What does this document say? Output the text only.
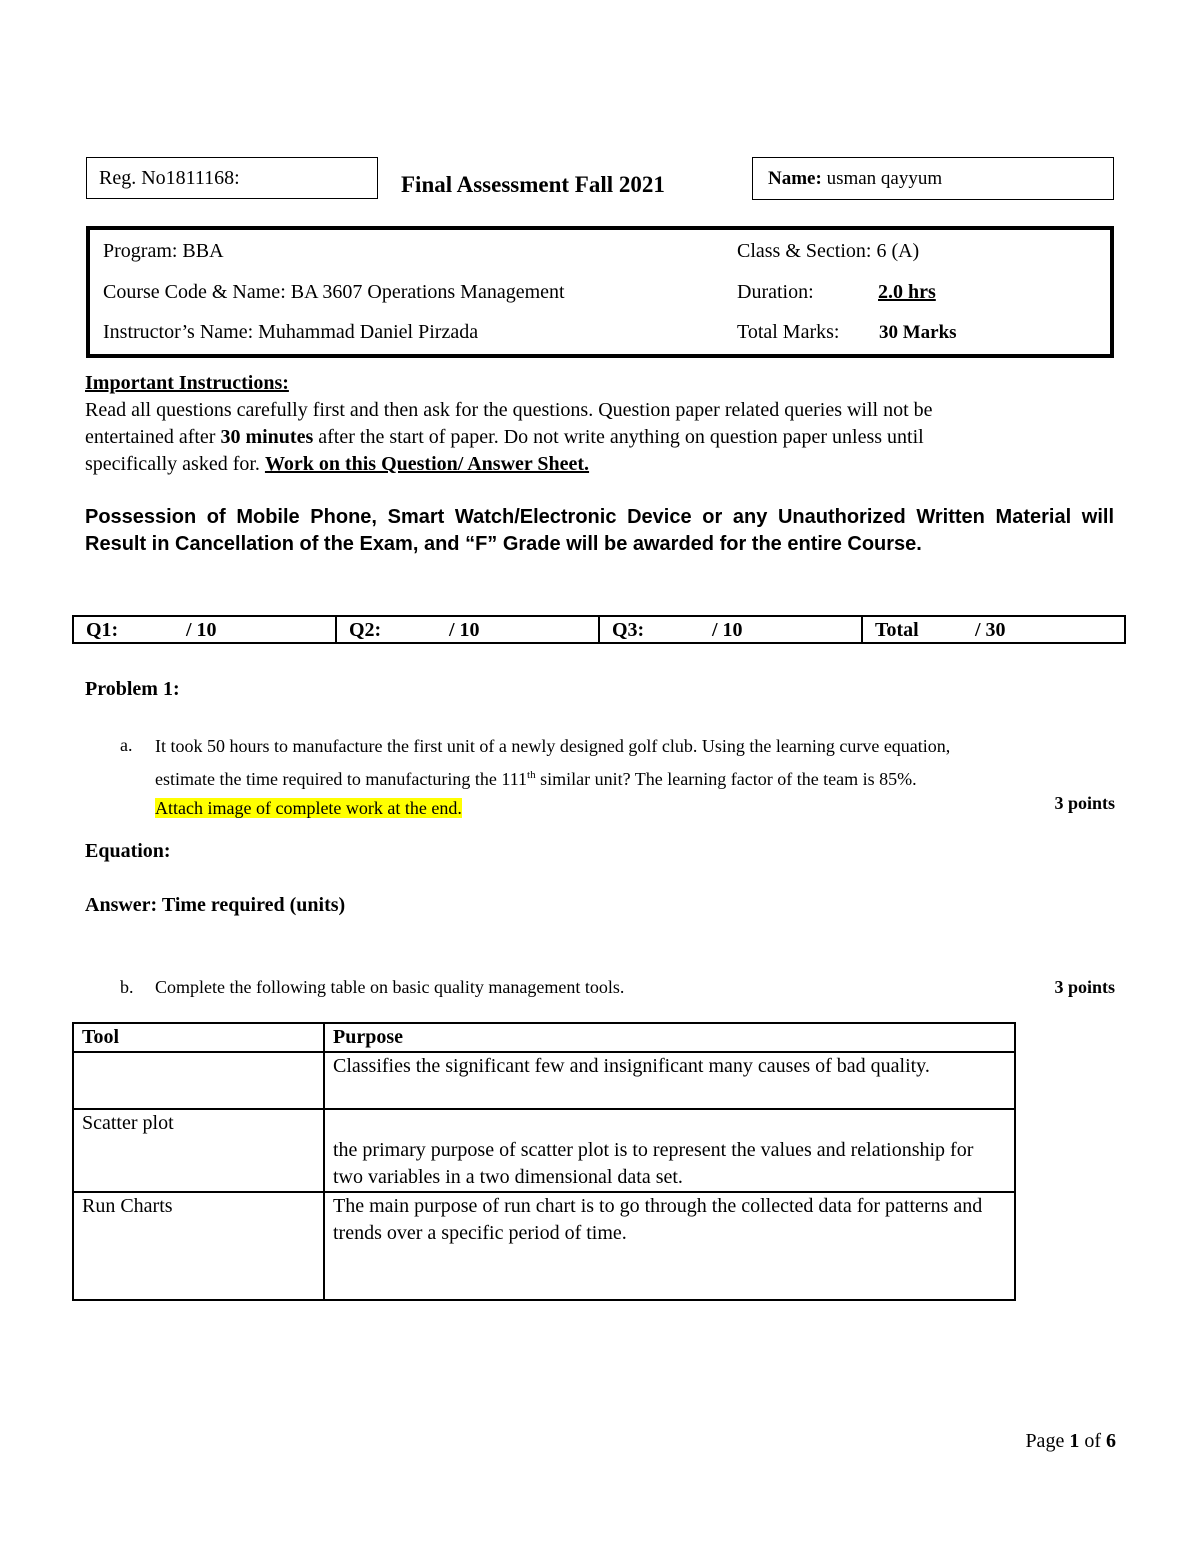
Reg. No1811168:	Final Assessment Fall 2021	Name: usman qayyum
Program: BBA	Class & Section: 6 (A)
Course Code & Name: BA 3607 Operations Management	Duration:	2.0 hrs
Instructor’s Name: Muhammad Daniel Pirzada	Total Marks: 30 Marks

Important Instructions:

Read all questions carefully first and then ask for the questions. Question paper related queries will not be

entertained after 30 minutes after the start of paper. Do not write anything on question paper unless until

specifically asked for. Work on this Question/ Answer Sheet.

Possession of Mobile Phone, Smart Watch/Electronic Device or any Unauthorized Written Material will Result in Cancellation of the Exam, and “F” Grade will be awarded for the entire Course.
Q1:	/ 10	Q2:	/ 10	Q3:	/ 10	Total	/ 30
Problem 1:
a. It took 50 hours to manufacture the first unit of a newly designed golf club. Using the learning curve equation,
estimate the time required to manufacturing the 111th similar unit? The learning factor of the team is 85%.
Attach image of complete work at the end.	3 points
Equation:
Answer: Time required (units)
b. Complete the following table on basic quality management tools.	3 points
Tool	Purpose
	Classifies the significant few and insignificant many causes of bad quality.
Scatter plot	the primary purpose of scatter plot is to represent the values and relationship for two variables in a two dimensional data set.
Run Charts	The main purpose of run chart is to go through the collected data for patterns and trends over a specific period of time.
Page 1 of 6
